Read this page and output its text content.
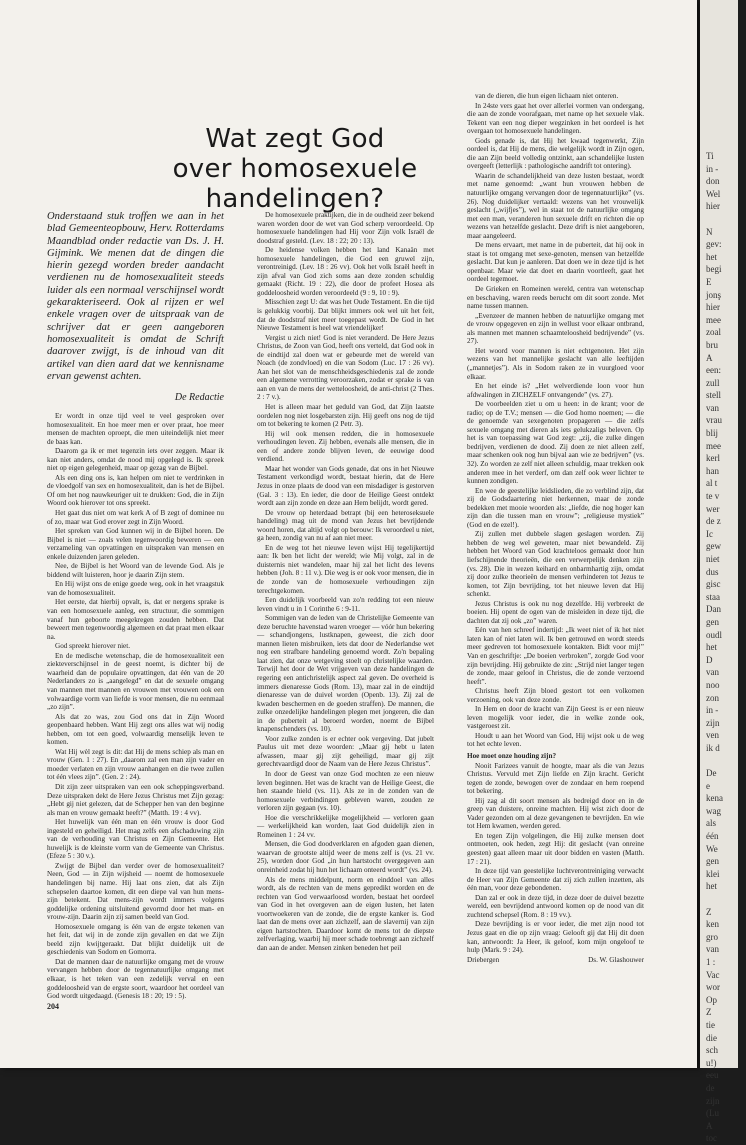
Wat zegt God
over homosexuele handelingen?
Onderstaand stuk troffen we aan in het blad Gemeenteopbouw, Herv. Rotterdams Maandblad onder redactie van Ds. J. H. Gijmink. We menen dat de dingen die hierin gezegd worden breder aandacht verdienen nu de homosexualiteit steeds luider als een normaal verschijnsel wordt gekarakteriseerd. Ook al rijzen er wel enkele vragen over de uitspraak van de schrijver dat er geen aangeboren homosexualiteit is omdat de Schrift daarover zwijgt, is de inhoud van dit artikel van dien aard dat we kennisname ervan gewenst achten.
De Redactie

Er wordt in onze tijd veel te veel gesproken over homosexualiteit. En hoe meer men er over praat, hoe meer mensen de machten oproept, die men uiteindelijk niet meer de baas kan.

Daarom ga ik er met tegenzin iets over zeggen. Maar ik kan niet anders, omdat de nood mij opgelegd is. Ik spreek niet op eigen gelegenheid, maar op gezag van de Bijbel.

Als een ding ons is, kan helpen om niet te verdrinken in de vloedgolf van sex en homosexualiteit, dan is het de Bijbel. Of om het nog nauwkeuriger uit te drukken: God, die in Zijn Woord ook hierover tot ons spreekt.

Het gaat dus niet om wat kerk A of B zegt of dominee nu of zo, maar wat God erover zegt in Zijn Woord.

Het spreken van God kunnen wij in de Bijbel horen. De Bijbel is niet — zoals velen tegenwoordig beweren — een verzameling van opvattingen en uitspraken van mensen en enkele duizenden jaren geleden.

Nee, de Bijbel is het Woord van de levende God. Als je biddend wilt luisteren, hoor je daarin Zijn stem.

En Hij wijst ons de enige goede weg, ook in het vraagstuk van de homosexualiteit.

Het eerste, dat hierbij opvalt, is, dat er nergens sprake is van een homosexuele aanleg, een structuur, die sommigen vanaf hun geboorte meegekregen zouden hebben. Dat beweert men tegenwoordig algemeen en dat praat men elkaar na.

God spreekt hierover niet.

En de medische wetenschap, die de homosexualiteit een ziekteverschijnsel in de geest noemt, is dichter bij de waarheid dan de populaire opvattingen, dat één van de 20 Nederlanders zo is „aangelegd” en dat de sexuele omgang van mannen met mannen en vrouwen met vrouwen ook een volwaardige vorm van liefde is voor mensen, die nu eenmaal „zo zijn”.

Als dat zo was, zou God ons dat in Zijn Woord geopenbaard hebben. Want Hij zegt ons alles wat wij nodig hebben, om tot een goed, volwaardig menselijk leven te komen.

Wat Hij wèl zegt is dit: dat Hij de mens schiep als man en vrouw (Gen. 1 : 27). En „daarom zal een man zijn vader en moeder verlaten en zijn vrouw aanhangen en die twee zullen tot één vlees zijn”. (Gen. 2 : 24).

Dit zijn zeer uitspraken van een ook scheppingsverband. Deze uitspraken dekt de Here Jezus Christus met Zijn gezag: „Hebt gij niet gelezen, dat de Schepper hen van den beginne als man en vrouw gemaakt heeft?” (Matth. 19 : 4 vv).

Het huwelijk van één man en één vrouw is door God ingesteld en geheiligd. Het mag zelfs een afschaduwing zijn van de verhouding van Christus en Zijn Gemeente. Het huwelijk is de kleinste vorm van de Gemeente van Christus. (Efeze 5 : 30 v.).

Zwijgt de Bijbel dan verder over de homosexualiteit? Neen, God — in Zijn wijsheid — noemt de homosexuele handelingen bij name. Hij laat ons zien, dat als Zijn schepselen daartoe komen, dit een diepe val van hun mens-zijn betekent. Dat mens-zijn wordt immers volgens goddelijke ordening uitsluitend gevormd door het man- en vrouw-zijn. Daarin zijn zij samen beeld van God.

Homosexuele omgang is één van de ergste tekenen van het feit, dat wij in de zonde zijn gevallen en dat we Zijn beeld zijn kwijtgeraakt. Dat blijkt duidelijk uit de geschiedenis van Sodom en Gomorra.

Dat de mannen daar de natuurlijke omgang met de vrouw vervangen hebben door de tegennatuurlijke omgang met elkaar, is het teken van een zedelijk verval en een goddeloosheid van de ergste soort, waardoor het oordeel van God wordt uitgedaagd. (Genesis 18 : 20; 19 : 5).

De homosexuele praktijken, die in de oudheid zeer bekend waren worden door de wet van God scherp veroordeeld. Op homosexuele handelingen had Hij voor Zijn volk Israël de doodstraf gesteld. (Lev. 18 : 22; 20 : 13).

De heidense volken hebben het land Kanaän met homosexuele handelingen, die God een gruwel zijn, verontreinigd. (Lev. 18 : 26 vv). Ook het volk Israël heeft in zijn afval van God zich soms aan deze zonden schuldig gemaakt (Richt. 19 : 22), die door de profeet Hosea als goddeloosheid worden veroordeeld (9 : 9, 10 : 9).

Misschien zegt U: dat was het Oude Testament. En die tijd is gelukkig voorbij. Dat blijkt immers ook wel uit het feit, dat de doodstraf niet meer toegepast wordt. De God in het Nieuwe Testament is heel wat vriendelijker!

Vergist u zich niet! God is niet veranderd. De Here Jezus Christus, de Zoon van God, heeft ons verteld, dat God ook in de eindtijd zal doen wat er gebeurde met de wereld van Noach (de zondvloed) en die van Sodom (Luc. 17 : 26 vv). Aan het slot van de menschheidsgeschiedenis zal de zonde een algemene verrotting veroorzaken, zodat er sprake is van aan en van de mens der wetteloosheid, de anti-christ (2 Thes. 2 : 7 v.).

Het is alleen maar het geduld van God, dat Zijn laatste oordelen nog niet losgebarsten zijn. Hij geeft ons nog de tijd om tot bekering te komen (2 Petr. 3).

Hij wil ook mensen redden, die in homosexuele verhoudingen leven. Zij hebben, evenals alle mensen, die in een of andere zonde blijven leven, de eeuwige dood verdiend.

Maar het wonder van Gods genade, dat ons in het Nieuwe Testament verkondigd wordt, bestaat hierin, dat de Here Jezus in onze plaats de dood van een misdadiger is gestorven (Gal. 3 : 13). En ieder, die door de Heilige Geest ontdekt wordt aan zijn zonde en deze aan Hem belijdt, wordt gered.

De vrouw op heterdaad betrapt (bij een heteroseksuele handeling) mag uit de mond van Jezus het bevrijdende woord horen, dat altijd volgt op berouw: Ik veroordeel u niet, ga heen, zondig van nu af aan niet meer.

En de weg tot het nieuwe leven wijst Hij tegelijkertijd aan: Ik ben het licht der wereld; wie Mij volgt, zal in de duisternis niet wandelen, maar hij zal het licht des levens hebben (Joh. 8 : 11 v.). Die weg is er ook voor mensen, die in de zonde van de homosexuele verhoudingen zijn terechtgekomen.

Een duidelijk voorbeeld van zo'n redding tot een nieuw leven vindt u in 1 Corinthe 6 : 9-11.

Sommigen van de leden van de Christelijke Gemeente van deze beruchte havenstad waren vroeger — vóór hun bekering — schandjongens, lustknapen, geweest, die zich door mannen lieten misbruiken, iets dat door de Nederlandse wet nog een strafbare handeling genoemd wordt. Zo'n bepaling laat zien, dat onze wetgeving stoelt op christelijke waarden. Terwijl het door de Wet vrijgeven van deze handelingen de regering een antichristelijk aspect zal geven. De overheid is immers dienaresse Gods (Rom. 13), maar zal in de eindtijd dienaresse van de duivel worden (Openb. 13). Zij zal de kwaden beschermen en de goeden straffen). De mannen, die zulke onzedelijke handelingen plegen met jongeren, die dan in de puberteit al beroerd worden, noemt de Bijbel knapenschenders (vs. 10).

Voor zulke zonden is er echter ook vergeving. Dat jubelt Paulus uit met deze woorden: „Maar gij hebt u laten afwassen, maar gij zijt geheiligd, maar gij zijt gerechtvaardigd door de Naam van de Here Jezus Christus”.

In door de Geest van onze God mochten ze een nieuw leven beginnen. Het was de kracht van de Heilige Geest, die hen staande hield (vs. 11). Als ze in de zonden van de homosexuele verbindingen gebleven waren, zouden ze verloren zijn gegaan (vs. 10).

Hoe die verschrikkelijke mogelijkheid — verloren gaan — werkelijkheid kan worden, laat God duidelijk zien in Romeinen 1 : 24 vv.

Mensen, die God doodverklaren en afgoden gaan dienen, waarvan de grootste altijd weer de mens zelf is (vs. 21 vv. 25), worden door God „in hun hartstocht overgegeven aan onreinheid zodat hij hun het lichaam onteerd wordt” (vs. 24).

Als de mens middelpunt, norm en einddoel van alles wordt, als de rechten van de mens gepredikt worden en de rechten van God verwaarloosd worden, bestaat het oordeel van God in het overgeven aan de eigen lusten, het laten voortwoekeren van de zonde, die de ergste kanker is. God laat dan de mens over aan zichzelf, aan de slavernij van zijn eigen hartstochten. Daardoor komt de mens tot de diepste zelfverlaging, waarbij hij meer schade toebrengt aan zichzelf dan aan de ander. Mensen zinken beneden het peil

van de dieren, die hun eigen lichaam niet onteren.

In 24ste vers gaat het over allerlei vormen van ondergang, die aan de zonde voorafgaan, met name op het sexuele vlak. Tekent van een nog dieper wegzinken in het oordeel is het overgaan tot homosexuele handelingen.

Gods genade is, dat Hij het kwaad tegenwerkt, Zijn oordeel is, dat Hij de mens, die welgelijk wordt in Zijn ogen, die aan Zijn beeld volledig ontzinkt, aan schandelijke lusten overgeeft (letterlijk : pathologische aandrift tot ontering).

Waarin de schandelijkheid van deze lusten bestaat, wordt met name genoemd: „want hun vrouwen hebben de natuurlijke omgang vervangen door de tegennatuurlijke” (vs. 26). Nog duidelijker vertaald: wezens van het vrouwelijk geslacht („wijfjes”), wel in staat tot de natuurlijke omgang met een man, veranderen hun sexuele drift en richten die op wezens van hetzelfde geslacht. Deze drift is niet aangeboren, maar aangeleerd.

De mens ervaart, met name in de puberteit, dat hij ook in staat is tot omgang met sexe-genoten, mensen van hetzelfde geslacht. Dat kun je aanleren. Dat doen we in deze tijd is het openbaar. Maar wie dat doet en daarin voortleeft, gaat het oordeel tegemoet.

De Grieken en Romeinen wereld, centra van wetenschap en beschaving, waren reeds berucht om dit soort zonde. Met name tussen mannen.

„Evenzeer de mannen hebben de natuurlijke omgang met de vrouw opgegeven en zijn in wellust voor elkaar ontbrand, als mannen met mannen schaamteloosheid bedrijvende” (vs. 27).

Het woord voor mannen is niet echtgenoten. Het zijn wezens van het mannelijke geslacht van alle leeftijden („mannetjes”). Als in Sodom raken ze in vuurgloed voor elkaar.

En het einde is? „Het welverdiende loon voor hun afdwalingen in ZICHZELF ontvangende” (vs. 27).

De voorbeelden ziet u om u heen: in de krant; voor de radio; op de T.V.; mensen — die God homo noemen; — die de genoemde van sexegenoten propageren — die zelfs sexuele omgang met dieren als iets gelukzaligs beleven. Op het is van toepassing wat God zegt: „zij, die zulke dingen bedrijven, verdienen de dood. Zij doen ze niet alleen zelf, maar schenken ook nog hun bijval aan wie ze bedrijven” (vs. 32). Zo worden ze zelf niet alleen schuldig, maar trekken ook anderen mee in het verderf, om dan zelf ook weer lichter te kunnen zondigen.

En wee de geestelijke leidslieden, die zo verblind zijn, dat zij de Godsdaartering niet herkennen, maar de zonde bedekken met mooie woorden als: „liefde, die nog hoger kan zijn dan die tussen man en vrouw”; „religieuse mystiek” (God en de ezel!).

Zij zullen met dubbele slagen geslagen worden. Zij hebben de weg wel geweten, maar niet bewandeld. Zij hebben het Woord van God krachteloos gemaakt door hun liefschijnende theorieën, die een verwerpelijk denken zijn (vs. 28). Die in wezen keihard en onbarmhartig zijn, omdat zij door zulke theorieën de mensen verhinderen tot Jezus te komen, tot Zijn bevrijding, tot het nieuwe leven dat Hij schenkt.

Jezus Christus is ook nu nog dezelfde. Hij verbreekt de boeien. Hij opent de ogen van de misleiden in deze tijd, die dachten dat zij ook „zo” waren.

Eén van hen schreef indertijd: „Ik weet niet of ik het niet laten kan of niet laten wil. Ik ben getrouwd en wordt steeds meer gedreven tot homosexuele kontakten. Bidt voor mij!” Van en geschriftje: „De boeien verbroken”, zorgde God voor zijn bevrijding. Hij gebruikte de zin: „Strijd niet langer tegen de zonde, maar geloof in Christus, die de zonde verzoend heeft”.

Christus heeft Zijn bloed gestort tot een volkomen verzoening, ook van deze zonde.

In Hem en door de kracht van Zijn Geest is er een nieuw leven mogelijk voor ieder, die in welke zonde ook, vastgeroest zit.

Houdt u aan het Woord van God, Hij wijst ook u de weg tot het echte leven.

Hoe moet onze houding zijn?

Nooit Farizees vanuit de hoogte, maar als die van Jezus Christus. Vervuld met Zijn liefde en Zijn kracht. Gericht tegen de zonde, bewogen over de zondaar en hem roepend tot bekering.

Hij zag al dit soort mensen als bedreigd door en in de greep van duistere, onreine machten. Hij wist zich door de Vader gezonden om al deze gevangenen te bevrijden. En wie tot Hem kwamen, werden gered.

En tegen Zijn volgelingen, die Hij zulke mensen doet ontmoeten, ook heden, zegt Hij: dit geslacht (van onreine geesten) gaat alleen maar uit door bidden en vasten (Matth. 17 : 21).

In deze tijd van geestelijke luchtverontreiniging verwacht de Heer van Zijn Gemeente dat zij zich zullen inzetten, als één man, voor deze gebondenen.

Dan zal er ook in deze tijd, in deze doer de duivel bezette wereld, een bevrijdend antwoord komen op de nood van dit zuchtend schepsel (Rom. 8 : 19 vv.).

Deze bevrijding is er voor ieder, die met zijn nood tot Jezus gaat en die op zijn vraag: Gelooft gij dat Hij dit doen kan, antwoordt: Ja Heer, ik geloof, kom mijn ongeloof te hulp (Mark. 9 : 24).

Driebergen	Ds. W. Glashouwer
204
Ti
in -
don
Wel
hier

N
gev:
het
begi
E
jonş
hier
mee
zoal
bru
A
een:
zull
stell
van
vrau
blij
mee
kerl
han
al t
te v
wer
de z
Ic
gew
niet
dus
gisc
staa
Dan
gen
oudl
het
D
van
noo
zon
in -
zijn
ven
ik d

De
e
kena
wag
als
één
We
gen
klei
het

Z
ken
gro
van
1 :
Vac
wor
Op
Z
tie
die
sch
u!)
eeu
de
zijn
(Lu
A
toc
